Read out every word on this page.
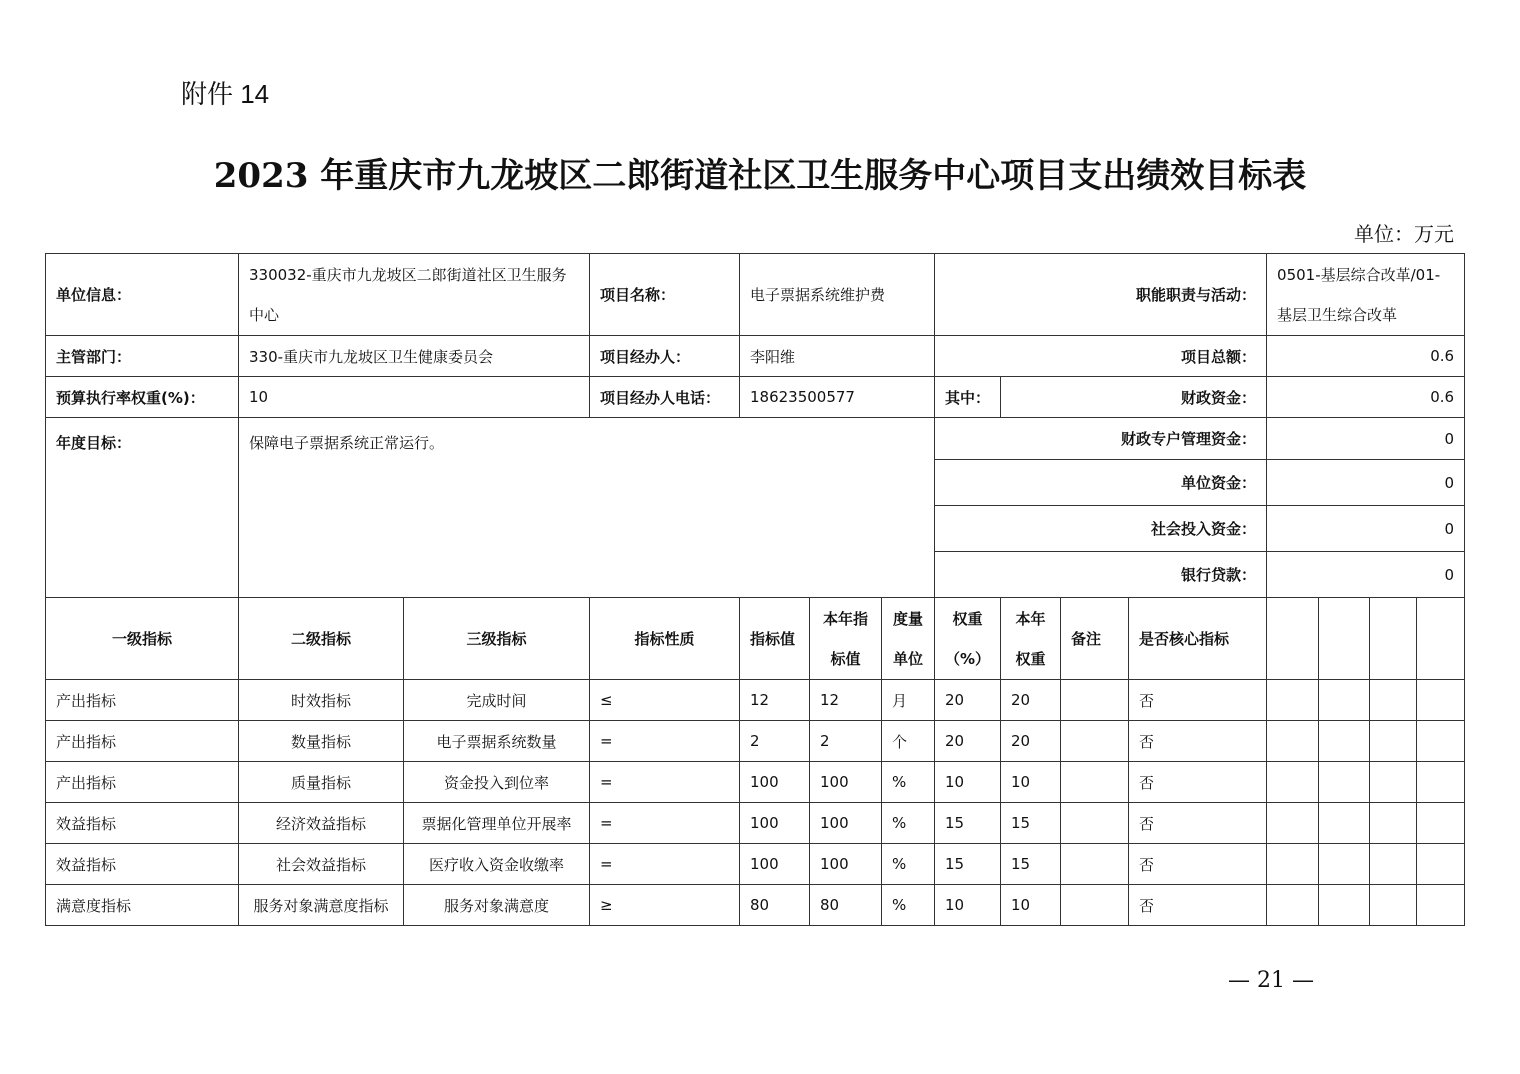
附件 14
2023 年重庆市九龙坡区二郎街道社区卫生服务中心项目支出绩效目标表
单位：万元
单位信息：	330032-重庆市九龙坡区二郎街道社区卫生服务中心		项目名称：	电子票据系统维护费			职能职责与活动：				0501-基层综合改革/01-基层卫生综合改革			
主管部门：	330-重庆市九龙坡区卫生健康委员会		项目经办人：	李阳维			项目总额：				0.6			
预算执行率权重(%)：	10		项目经办人电话：	18623500577			其中：	财政资金：			0.6			
年度目标：	保障电子票据系统正常运行。						财政专户管理资金：				0			
							单位资金：				0			
							社会投入资金：				0			
							银行贷款：				0			
一级指标	二级指标	三级指标	指标性质	指标值	本年指标值	度量单位	权重（%）	本年权重	备注	是否核心指标				
产出指标	时效指标	完成时间	≤	12	12	月	20	20		否				
产出指标	数量指标	电子票据系统数量	=	2	2	个	20	20		否				
产出指标	质量指标	资金投入到位率	=	100	100	%	10	10		否				
效益指标	经济效益指标	票据化管理单位开展率	=	100	100	%	15	15		否				
效益指标	社会效益指标	医疗收入资金收缴率	=	100	100	%	15	15		否				
满意度指标	服务对象满意度指标	服务对象满意度	≥	80	80	%	10	10		否				
— 21 —
